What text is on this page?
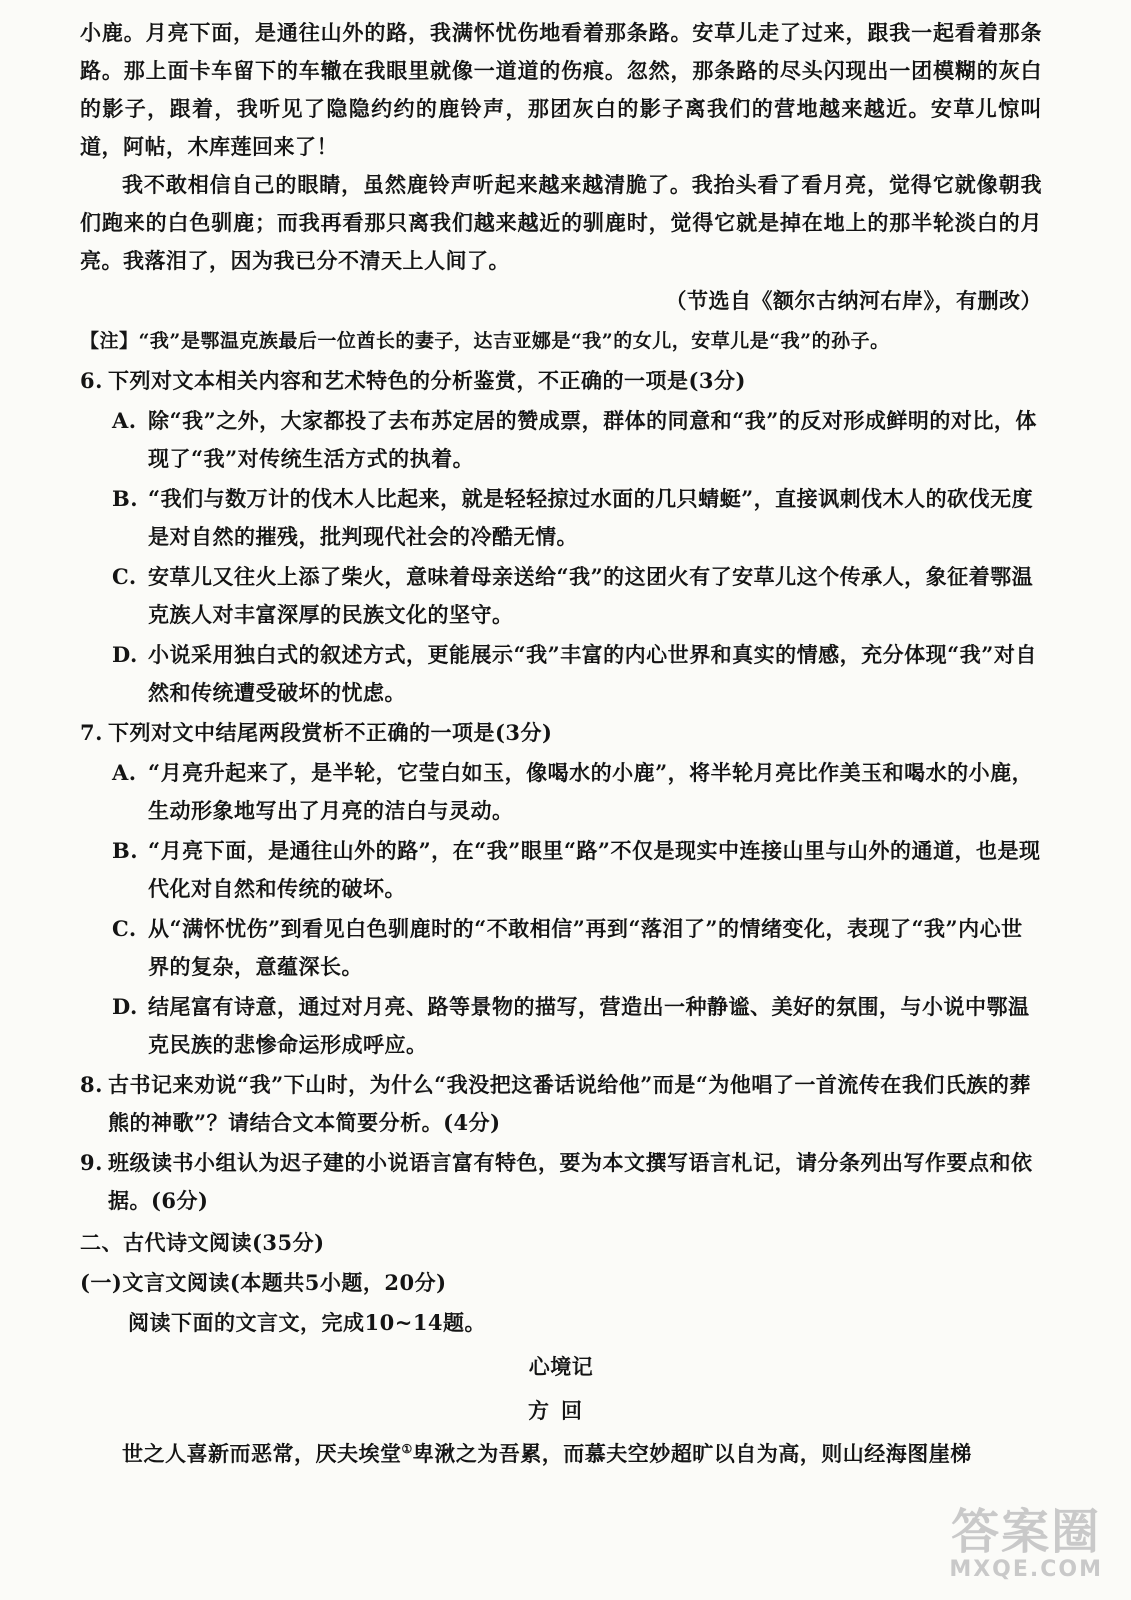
小鹿。月亮下面，是通往山外的路，我满怀忧伤地看着那条路。安草儿走了过来，跟我一起看着那条路。那上面卡车留下的车辙在我眼里就像一道道的伤痕。忽然，那条路的尽头闪现出一团模糊的灰白的影子，跟着，我听见了隐隐约约的鹿铃声，那团灰白的影子离我们的营地越来越近。安草儿惊叫道，阿帖，木库莲回来了！
我不敢相信自己的眼睛，虽然鹿铃声听起来越来越清脆了。我抬头看了看月亮，觉得它就像朝我们跑来的白色驯鹿；而我再看那只离我们越来越近的驯鹿时，觉得它就是掉在地上的那半轮淡白的月亮。我落泪了，因为我已分不清天上人间了。
（节选自《额尔古纳河右岸》，有删改）
【注】“我”是鄂温克族最后一位酋长的妻子，达吉亚娜是“我”的女儿，安草儿是“我”的孙子。
6. 下列对文本相关内容和艺术特色的分析鉴赏，不正确的一项是(3分)
A. 除“我”之外，大家都投了去布苏定居的赞成票，群体的同意和“我”的反对形成鲜明的对比，体现了“我”对传统生活方式的执着。
B. “我们与数万计的伐木人比起来，就是轻轻掠过水面的几只蜻蜓”，直接讽刺伐木人的砍伐无度是对自然的摧残，批判现代社会的冷酷无情。
C. 安草儿又往火上添了柴火，意味着母亲送给“我”的这团火有了安草儿这个传承人，象征着鄂温克族人对丰富深厚的民族文化的坚守。
D. 小说采用独白式的叙述方式，更能展示“我”丰富的内心世界和真实的情感，充分体现“我”对自然和传统遭受破坏的忧虑。
7. 下列对文中结尾两段赏析不正确的一项是(3分)
A. “月亮升起来了，是半轮，它莹白如玉，像喝水的小鹿”，将半轮月亮比作美玉和喝水的小鹿，生动形象地写出了月亮的洁白与灵动。
B. “月亮下面，是通往山外的路”，在“我”眼里“路”不仅是现实中连接山里与山外的通道，也是现代化对自然和传统的破坏。
C. 从“满怀忧伤”到看见白色驯鹿时的“不敢相信”再到“落泪了”的情绪变化，表现了“我”内心世界的复杂，意蕴深长。
D. 结尾富有诗意，通过对月亮、路等景物的描写，营造出一种静谧、美好的氛围，与小说中鄂温克民族的悲惨命运形成呼应。
8. 古书记来劝说“我”下山时，为什么“我没把这番话说给他”而是“为他唱了一首流传在我们氏族的葬熊的神歌”？请结合文本简要分析。(4分)
9. 班级读书小组认为迟子建的小说语言富有特色，要为本文撰写语言札记，请分条列出写作要点和依据。(6分)
二、古代诗文阅读(35分)
(一)文言文阅读(本题共5小题，20分)
阅读下面的文言文，完成10~14题。
心境记
方回
世之人喜新而恶常，厌夫埃堂①卑湫之为吾累，而慕夫空妙超旷以自为高，则山经海图崖梯
答案圈
MXQE.COM
